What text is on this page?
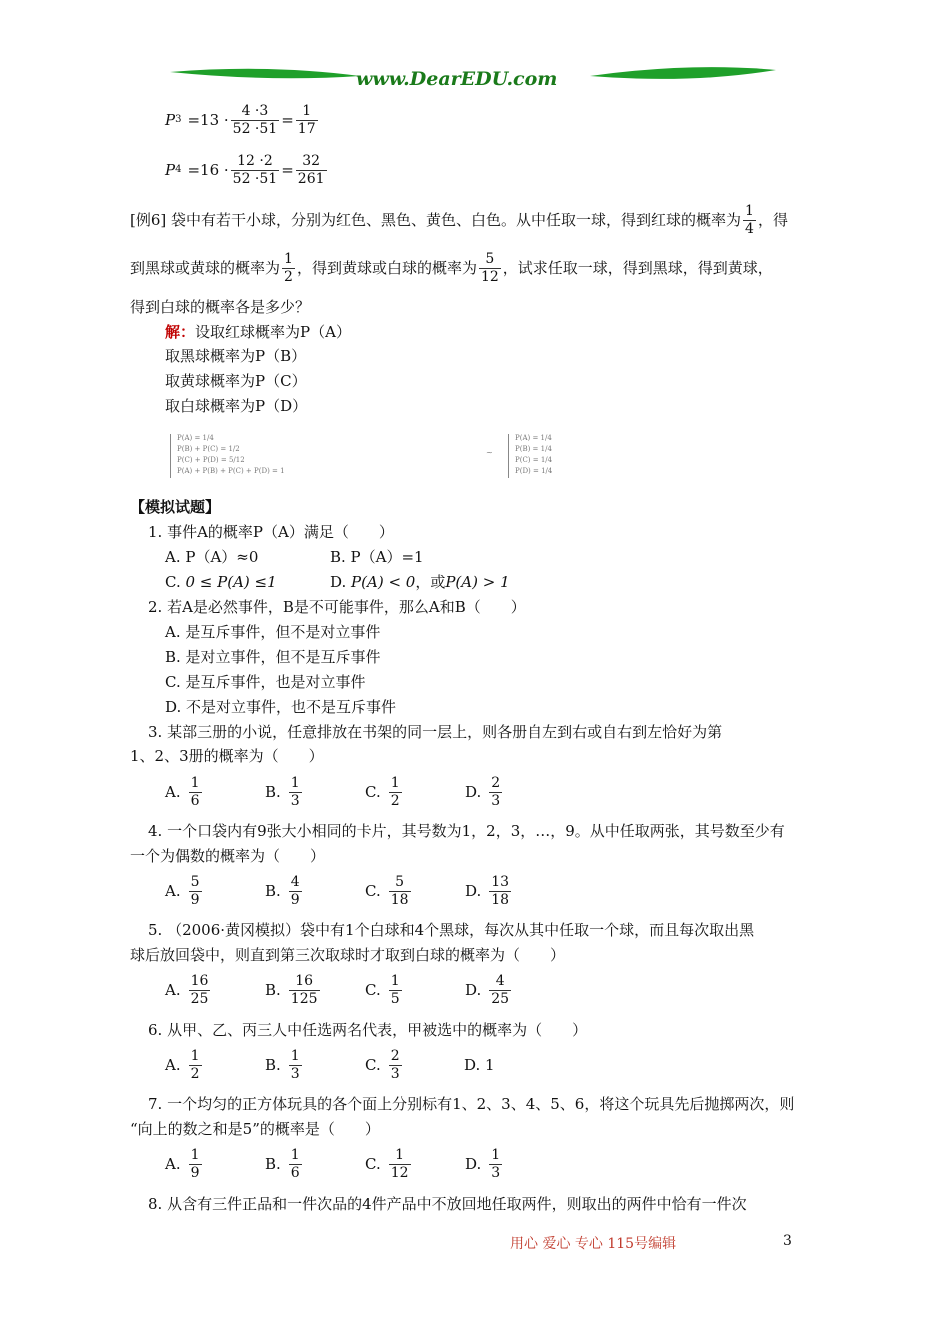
www.DearEDU.com
P $3 =13 \cdot \frac{4 \cdot 3}{52 \cdot 51} = \frac{1}{17}$
P $4 =16 \cdot \frac{12 \cdot 2}{52 \cdot 51} = \frac{32}{261}$
[例6] 袋中有若干小球，分别为红色、黑色、黄色、白色。从中任取一球，得到红球的概率为 $\frac{1}{4}$ ，得
到黑球或黄球的概率为 $\frac{1}{2}$ ，得到黄球或白球的概率为 $\frac{5}{12}$ ，试求任取一球，得到黑球，得到黄球，
得到白球的概率各是多少？
解：设取红球概率为P（A）
取黑球概率为P（B）
取黄球概率为P（C）
取白球概率为P（D）
P(A) = 1/4
P(B) + P(C) = 1/2
P(C) + P(D) = 5/12
P(A) + P(B) + P(C) + P(D) = 1
~
P(A) = 1/4
P(B) = 1/4
P(C) = 1/4
P(D) = 1/4
【模拟试题】
1. 事件A的概率P（A）满足（　　）
A. P（A）≈0	B. P（A）=1
C. 0 ≤ P(A) ≤1	D. P(A) < 0，或P(A) > 1
2. 若A是必然事件，B是不可能事件，那么A和B（　　）
A. 是互斥事件，但不是对立事件
B. 是对立事件，但不是互斥事件
C. 是互斥事件，也是对立事件
D. 不是对立事件，也不是互斥事件
3. 某部三册的小说，任意排放在书架的同一层上，则各册自左到右或自右到左恰好为第
1、2、3册的概率为（　　）
A. $\frac{1}{6}$	B. $\frac{1}{3}$	C. $\frac{1}{2}$	D. $\frac{2}{3}$
4. 一个口袋内有9张大小相同的卡片，其号数为1，2，3，…，9。从中任取两张，其号数至少有
一个为偶数的概率为（　　）
A. $\frac{5}{9}$	B. $\frac{4}{9}$	C. $\frac{5}{18}$	D. $\frac{13}{18}$
5. （2006·黄冈模拟）袋中有1个白球和4个黑球，每次从其中任取一个球，而且每次取出黑
球后放回袋中，则直到第三次取球时才取到白球的概率为（　　）
A. $\frac{16}{25}$	B. $\frac{16}{125}$	C. $\frac{1}{5}$	D. $\frac{4}{25}$
6. 从甲、乙、丙三人中任选两名代表，甲被选中的概率为（　　）
A. $\frac{1}{2}$	B. $\frac{1}{3}$	C. $\frac{2}{3}$	D. 1
7. 一个均匀的正方体玩具的各个面上分别标有1、2、3、4、5、6，将这个玩具先后抛掷两次，则
“向上的数之和是5”的概率是（　　）
A. $\frac{1}{9}$	B. $\frac{1}{6}$	C. $\frac{1}{12}$	D. $\frac{1}{3}$
8. 从含有三件正品和一件次品的4件产品中不放回地任取两件，则取出的两件中恰有一件次
用心 爱心 专心 115号编辑	3
